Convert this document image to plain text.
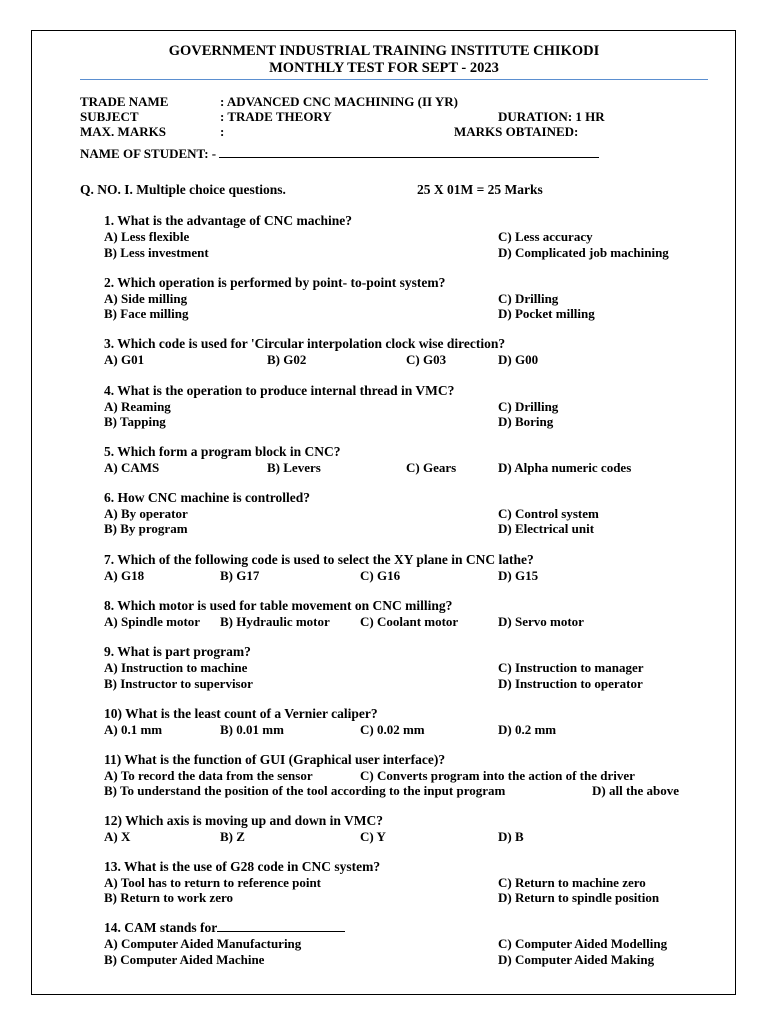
GOVERNMENT INDUSTRIAL TRAINING INSTITUTE CHIKODI
MONTHLY TEST FOR SEPT - 2023
TRADE NAME	: ADVANCED CNC MACHINING (II YR)
SUBJECT	: TRADE THEORY	DURATION: 1 HR
MAX. MARKS	:	MARKS OBTAINED:
NAME OF STUDENT: -
Q. NO. I. Multiple choice questions.	25 X 01M = 25 Marks
1. What is the advantage of CNC machine?
A) Less flexible
B) Less investment
C) Less accuracy
D) Complicated job machining
2. Which operation is performed by point- to-point system?
A) Side milling
B) Face milling
C) Drilling
D) Pocket milling
3. Which code is used for 'Circular interpolation clock wise direction?
A) G01	B) G02	C) G03	D) G00
4. What is the operation to produce internal thread in VMC?
A) Reaming
B) Tapping
C) Drilling
D) Boring
5. Which form a program block in CNC?
A) CAMS	B) Levers	C) Gears	D) Alpha numeric codes
6. How CNC machine is controlled?
A) By operator
B) By program
C) Control system
D) Electrical unit
7. Which of the following code is used to select the XY plane in CNC lathe?
A) G18	B) G17	C) G16	D) G15
8. Which motor is used for table movement on CNC milling?
A) Spindle motor B) Hydraulic motor C) Coolant motor	D) Servo motor
9. What is part program?
A) Instruction to machine
B) Instructor to supervisor
C) Instruction to manager
D) Instruction to operator
10) What is the least count of a Vernier caliper?
A) 0.1 mm	B) 0.01 mm	C) 0.02 mm	D) 0.2 mm
11) What is the function of GUI (Graphical user interface)?
A) To record the data from the sensor	C) Converts program into the action of the driver
B) To understand the position of the tool according to the input program	D) all the above
12) Which axis is moving up and down in VMC?
A) X	B) Z	C) Y	D) B
13. What is the use of G28 code in CNC system?
A) Tool has to return to reference point
B) Return to work zero
C) Return to machine zero
D) Return to spindle position
14. CAM stands for
A) Computer Aided Manufacturing
B) Computer Aided Machine
C) Computer Aided Modelling
D) Computer Aided Making
